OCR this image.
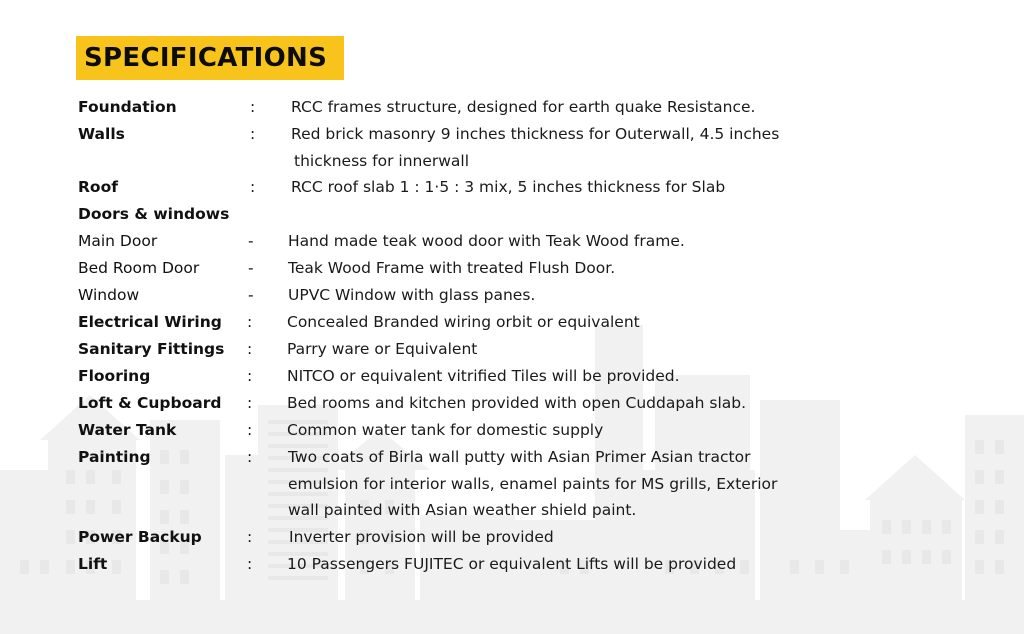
SPECIFICATIONS
Foundation	: RCC frames structure, designed for earth quake Resistance.
Walls	: Red brick masonry 9 inches thickness for Outerwall, 4.5 inches
thickness for innerwall
Roof	: RCC roof slab 1 : 1·5 : 3 mix, 5 inches thickness for Slab
Doors & windows
Main Door	- Hand made teak wood door with Teak Wood frame.
Bed Room Door	- Teak Wood Frame with treated Flush Door.
Window	- UPVC Window with glass panes.
Electrical Wiring : Concealed Branded wiring orbit or equivalent
Sanitary Fittings : Parry ware or Equivalent
Flooring	: NITCO or equivalent vitrified Tiles will be provided.
Loft & Cupboard : Bed rooms and kitchen provided with open Cuddapah slab.
Water Tank	: Common water tank for domestic supply
Painting	: Two coats of Birla wall putty with Asian Primer Asian tractor
emulsion for interior walls, enamel paints for MS grills, Exterior
wall painted with Asian weather shield paint.
Power Backup	: Inverter provision will be provided
Lift	: 10 Passengers FUJITEC or equivalent Lifts will be provided
